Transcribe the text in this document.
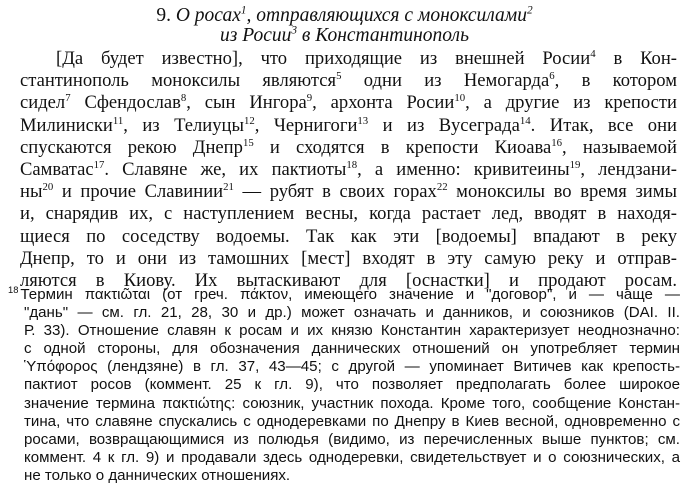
9. О росах$^1$, отправляющихся с моноксилами$^2$
из Росии$^3$ в Константинополь
[Да будет известно], что приходящие из внешней Росии$^4$ в Кон-
стантинополь моноксилы являются$^5$ одни из Немогарда$^6$, в котором
сидел$^7$ Сфендослав$^8$, сын Ингора$^9$, архонта Росии$^{10}$, а другие из крепости
Милиниски$^{11}$, из Телиуцы$^{12}$, Чернигоги$^{13}$ и из Вусеграда$^{14}$. Итак, все они
спускаются рекою Днепр$^{15}$ и сходятся в крепости Киоава$^{16}$, называемой
Самватас$^{17}$. Славяне же, их пактиоты$^{18}$, а именно: кривитеины$^{19}$, лендзани-
$ны^{20}$ и прочие Славинии$^{21}$ — рубят в своих горах$^{22}$ моноксилы во время зимы
и, снарядив их, с наступлением весны, когда растает лед, вводят в находя-
щиеся по соседству водоемы. Так как эти [водоемы] впадают в реку
Днепр, то и они из тамошних [мест] входят в эту самую реку и отправ-
ляются в Киову. Их вытаскивают для [оснастки] и продают росам.
$^{18}$ Термин πακτιῶται (от греч. πάκτον, имеющего значение и "договор", и — чаще —
"дань" — см. гл. 21, 28, 30 и др.) может означать и данников, и союзников (DAI. II.
Р. 33). Отношение славян к росам и их князю Константин характеризует неоднозначно:
с одной стороны, для обозначения даннических отношений он употребляет термин
Ὑπόφορος (лендзяне) в гл. 37, 43—45; с другой — упоминает Витичев как крепость-
пактиот росов (коммент. 25 к гл. 9), что позволяет предполагать более широкое
значение термина πακτιώτης: союзник, участник похода. Кроме того, сообщение Констан-
тина, что славяне спускались с однодеревками по Днепру в Киев весной, одновременно с
росами, возвращающимися из полюдья (видимо, из перечисленных выше пунктов; см.
коммент. 4 к гл. 9) и продавали здесь однодеревки, свидетельствует и о союзнических, а
не только о даннических отношениях.
